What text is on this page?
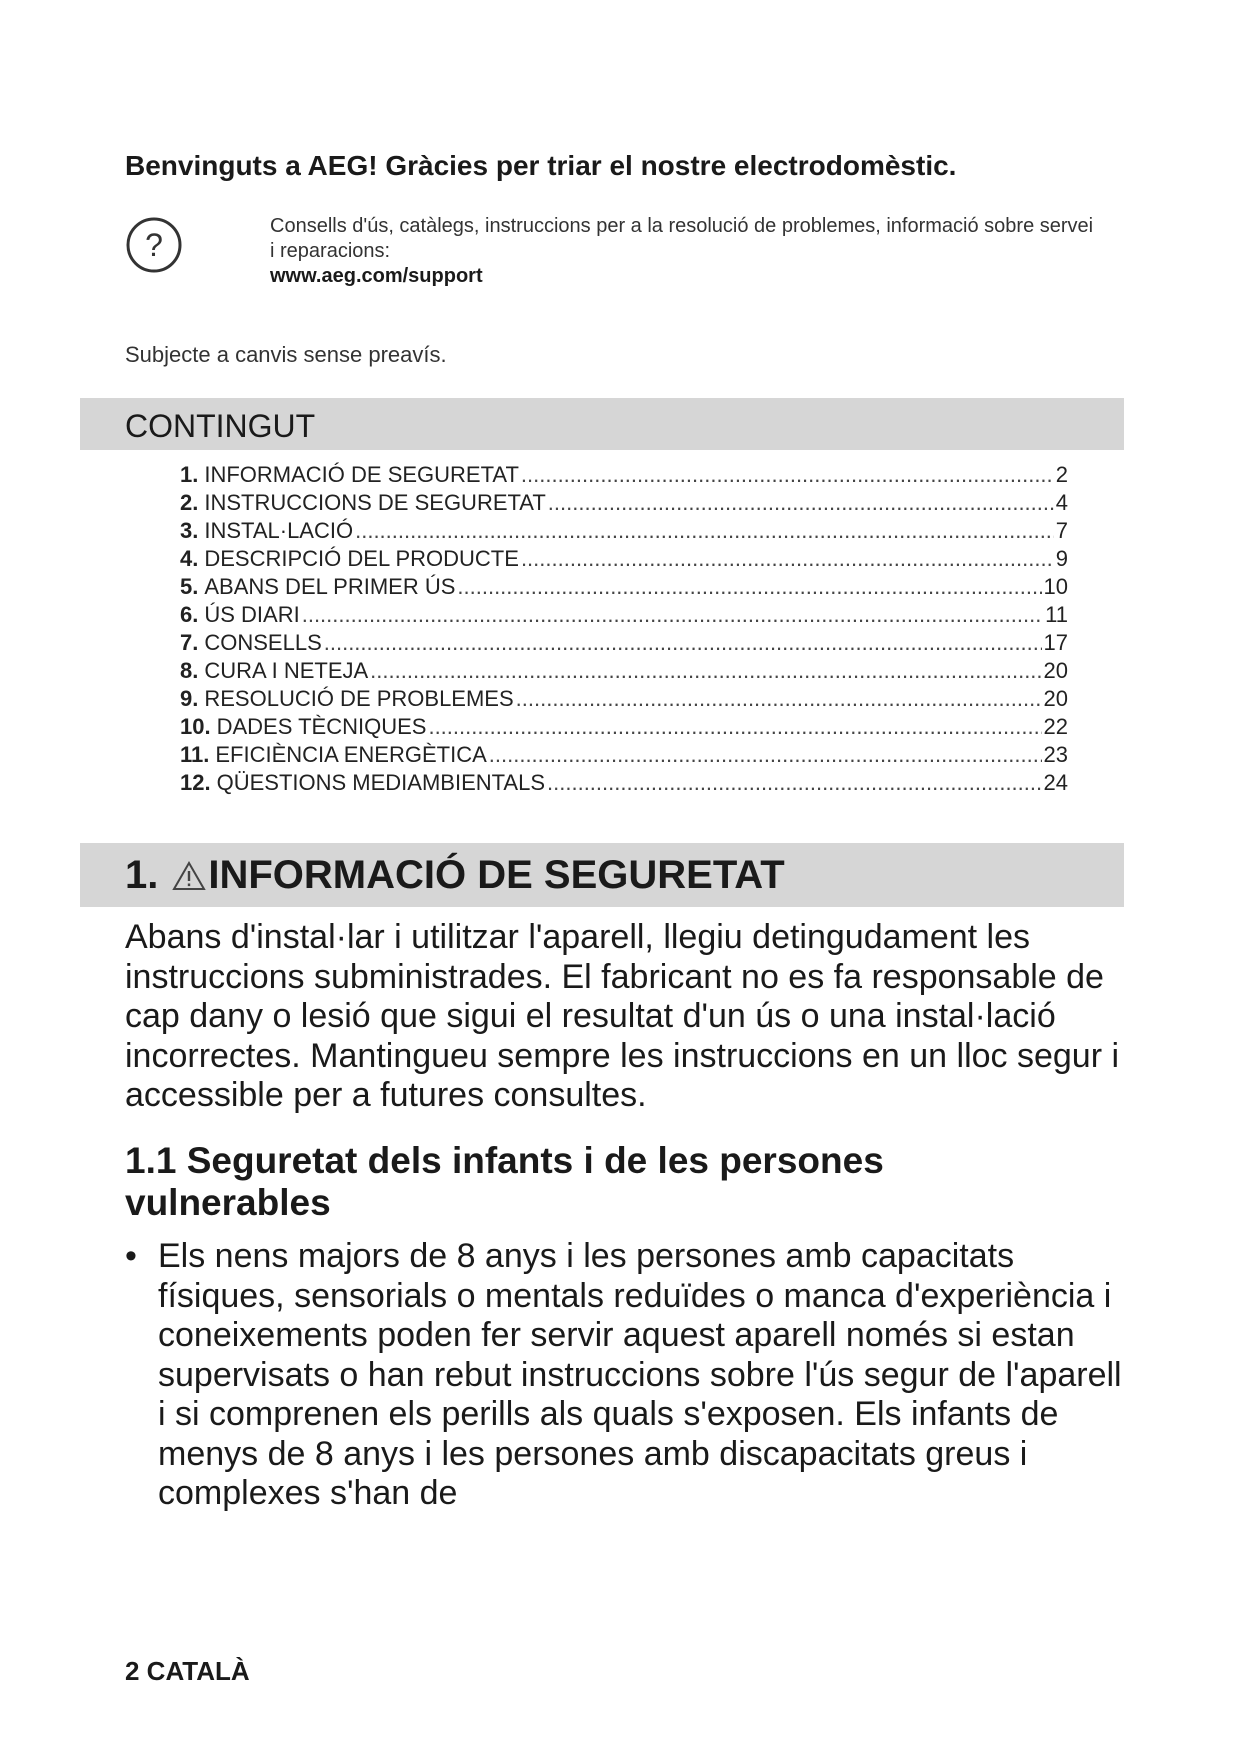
Benvinguts a AEG! Gràcies per triar el nostre electrodomèstic.
?
Consells d'ús, catàlegs, instruccions per a la resolució de problemes, informació sobre servei i reparacions:
www.aeg.com/support
Subjecte a canvis sense preavís.
CONTINGUT
1. INFORMACIÓ DE SEGURETAT .....	2
2. INSTRUCCIONS DE SEGURETAT .....	4
3. INSTAL·LACIÓ .....	7
4. DESCRIPCIÓ DEL PRODUCTE .....	9
5. ABANS DEL PRIMER ÚS .....	10
6. ÚS DIARI .....	11
7. CONSELLS .....	17
8. CURA I NETEJA .....	20
9. RESOLUCIÓ DE PROBLEMES .....	20
10. DADES TÈCNIQUES .....	22
11. EFICIÈNCIA ENERGÈTICA .....	23
12. QÜESTIONS MEDIAMBIENTALS .....	24
1. INFORMACIÓ DE SEGURETAT

Abans d'instal·lar i utilitzar l'aparell, llegiu detingudament les instruccions subministrades. El fabricant no es fa responsable de cap dany o lesió que sigui el resultat d'un ús o una instal·lació incorrectes. Mantingueu sempre les instruccions en un lloc segur i accessible per a futures consultes.

1.1 Seguretat dels infants i de les persones vulnerables
• Els nens majors de 8 anys i les persones amb capacitats físiques, sensorials o mentals reduïdes o manca d'experiència i coneixements poden fer servir aquest aparell només si estan supervisats o han rebut instruccions sobre l'ús segur de l'aparell i si comprenen els perills als quals s'exposen. Els infants de menys de 8 anys i les persones amb discapacitats greus i complexes s'han de
2 CATALÀ
